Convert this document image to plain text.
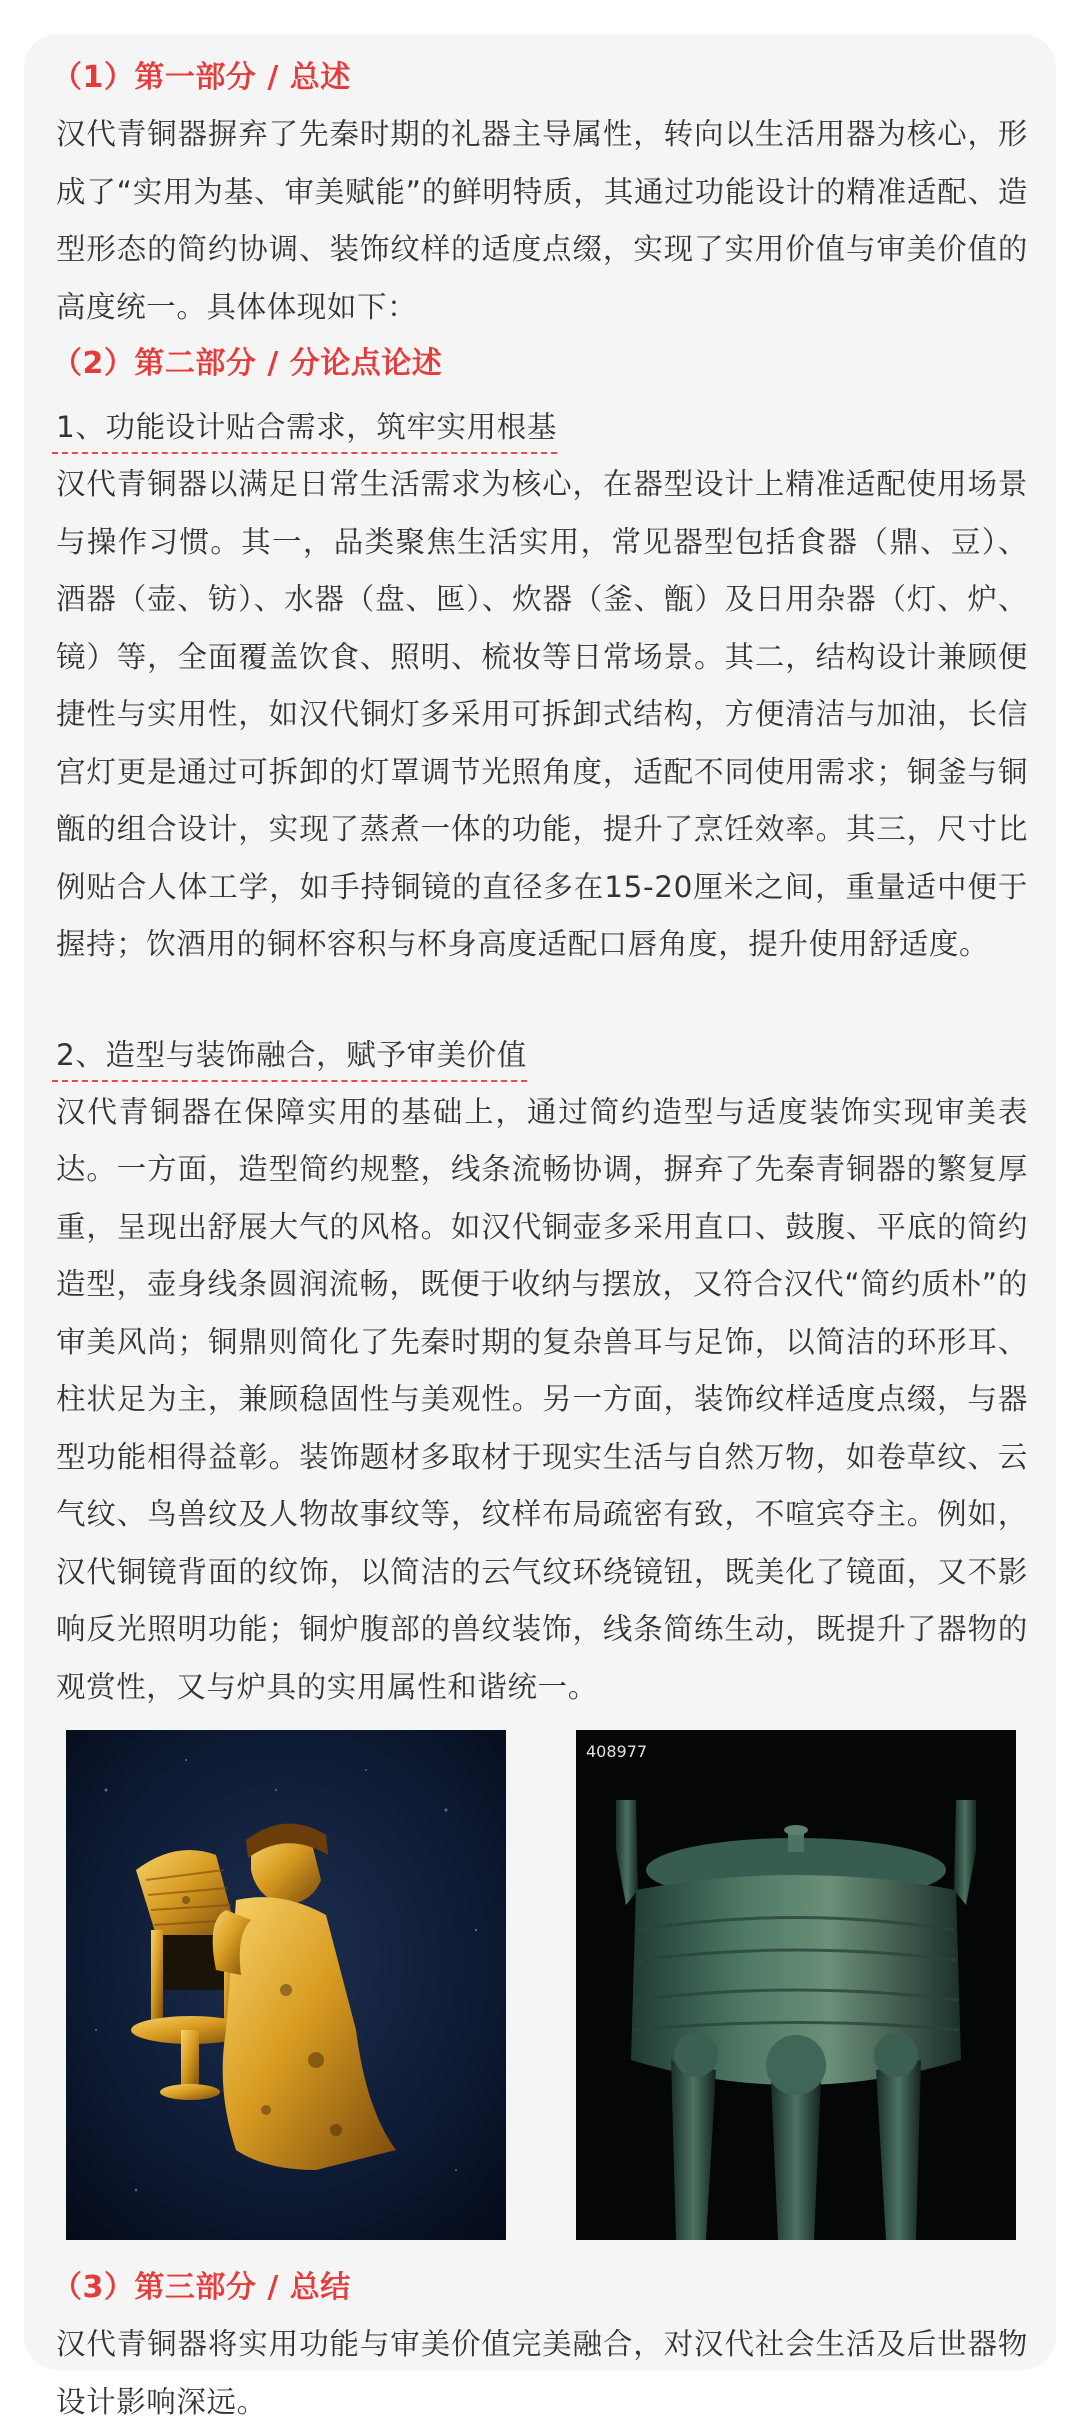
（1）第一部分 / 总述

汉代青铜器摒弃了先秦时期的礼器主导属性，转向以生活用器为核心，形成了“实用为基、审美赋能”的鲜明特质，其通过功能设计的精准适配、造型形态的简约协调、装饰纹样的适度点缀，实现了实用价值与审美价值的高度统一。具体体现如下：

（2）第二部分 / 分论点论述
1、功能设计贴合需求，筑牢实用根基

汉代青铜器以满足日常生活需求为核心，在器型设计上精准适配使用场景与操作习惯。其一，品类聚焦生活实用，常见器型包括食器（鼎、豆）、酒器（壶、钫）、水器（盘、匜）、炊器（釜、甑）及日用杂器（灯、炉、镜）等，全面覆盖饮食、照明、梳妆等日常场景。其二，结构设计兼顾便捷性与实用性，如汉代铜灯多采用可拆卸式结构，方便清洁与加油，长信宫灯更是通过可拆卸的灯罩调节光照角度，适配不同使用需求；铜釜与铜甑的组合设计，实现了蒸煮一体的功能，提升了烹饪效率。其三，尺寸比例贴合人体工学，如手持铜镜的直径多在15-20厘米之间，重量适中便于握持；饮酒用的铜杯容积与杯身高度适配口唇角度，提升使用舒适度。

2、造型与装饰融合，赋予审美价值

汉代青铜器在保障实用的基础上，通过简约造型与适度装饰实现审美表达。一方面，造型简约规整，线条流畅协调，摒弃了先秦青铜器的繁复厚重，呈现出舒展大气的风格。如汉代铜壶多采用直口、鼓腹、平底的简约造型，壶身线条圆润流畅，既便于收纳与摆放，又符合汉代“简约质朴”的审美风尚；铜鼎则简化了先秦时期的复杂兽耳与足饰，以简洁的环形耳、柱状足为主，兼顾稳固性与美观性。另一方面，装饰纹样适度点缀，与器型功能相得益彰。装饰题材多取材于现实生活与自然万物，如卷草纹、云气纹、鸟兽纹及人物故事纹等，纹样布局疏密有致，不喧宾夺主。例如，汉代铜镜背面的纹饰，以简洁的云气纹环绕镜钮，既美化了镜面，又不影响反光照明功能；铜炉腹部的兽纹装饰，线条简练生动，既提升了器物的观赏性，又与炉具的实用属性和谐统一。

408977
（3）第三部分 / 总结

汉代青铜器将实用功能与审美价值完美融合，对汉代社会生活及后世器物设计影响深远。
